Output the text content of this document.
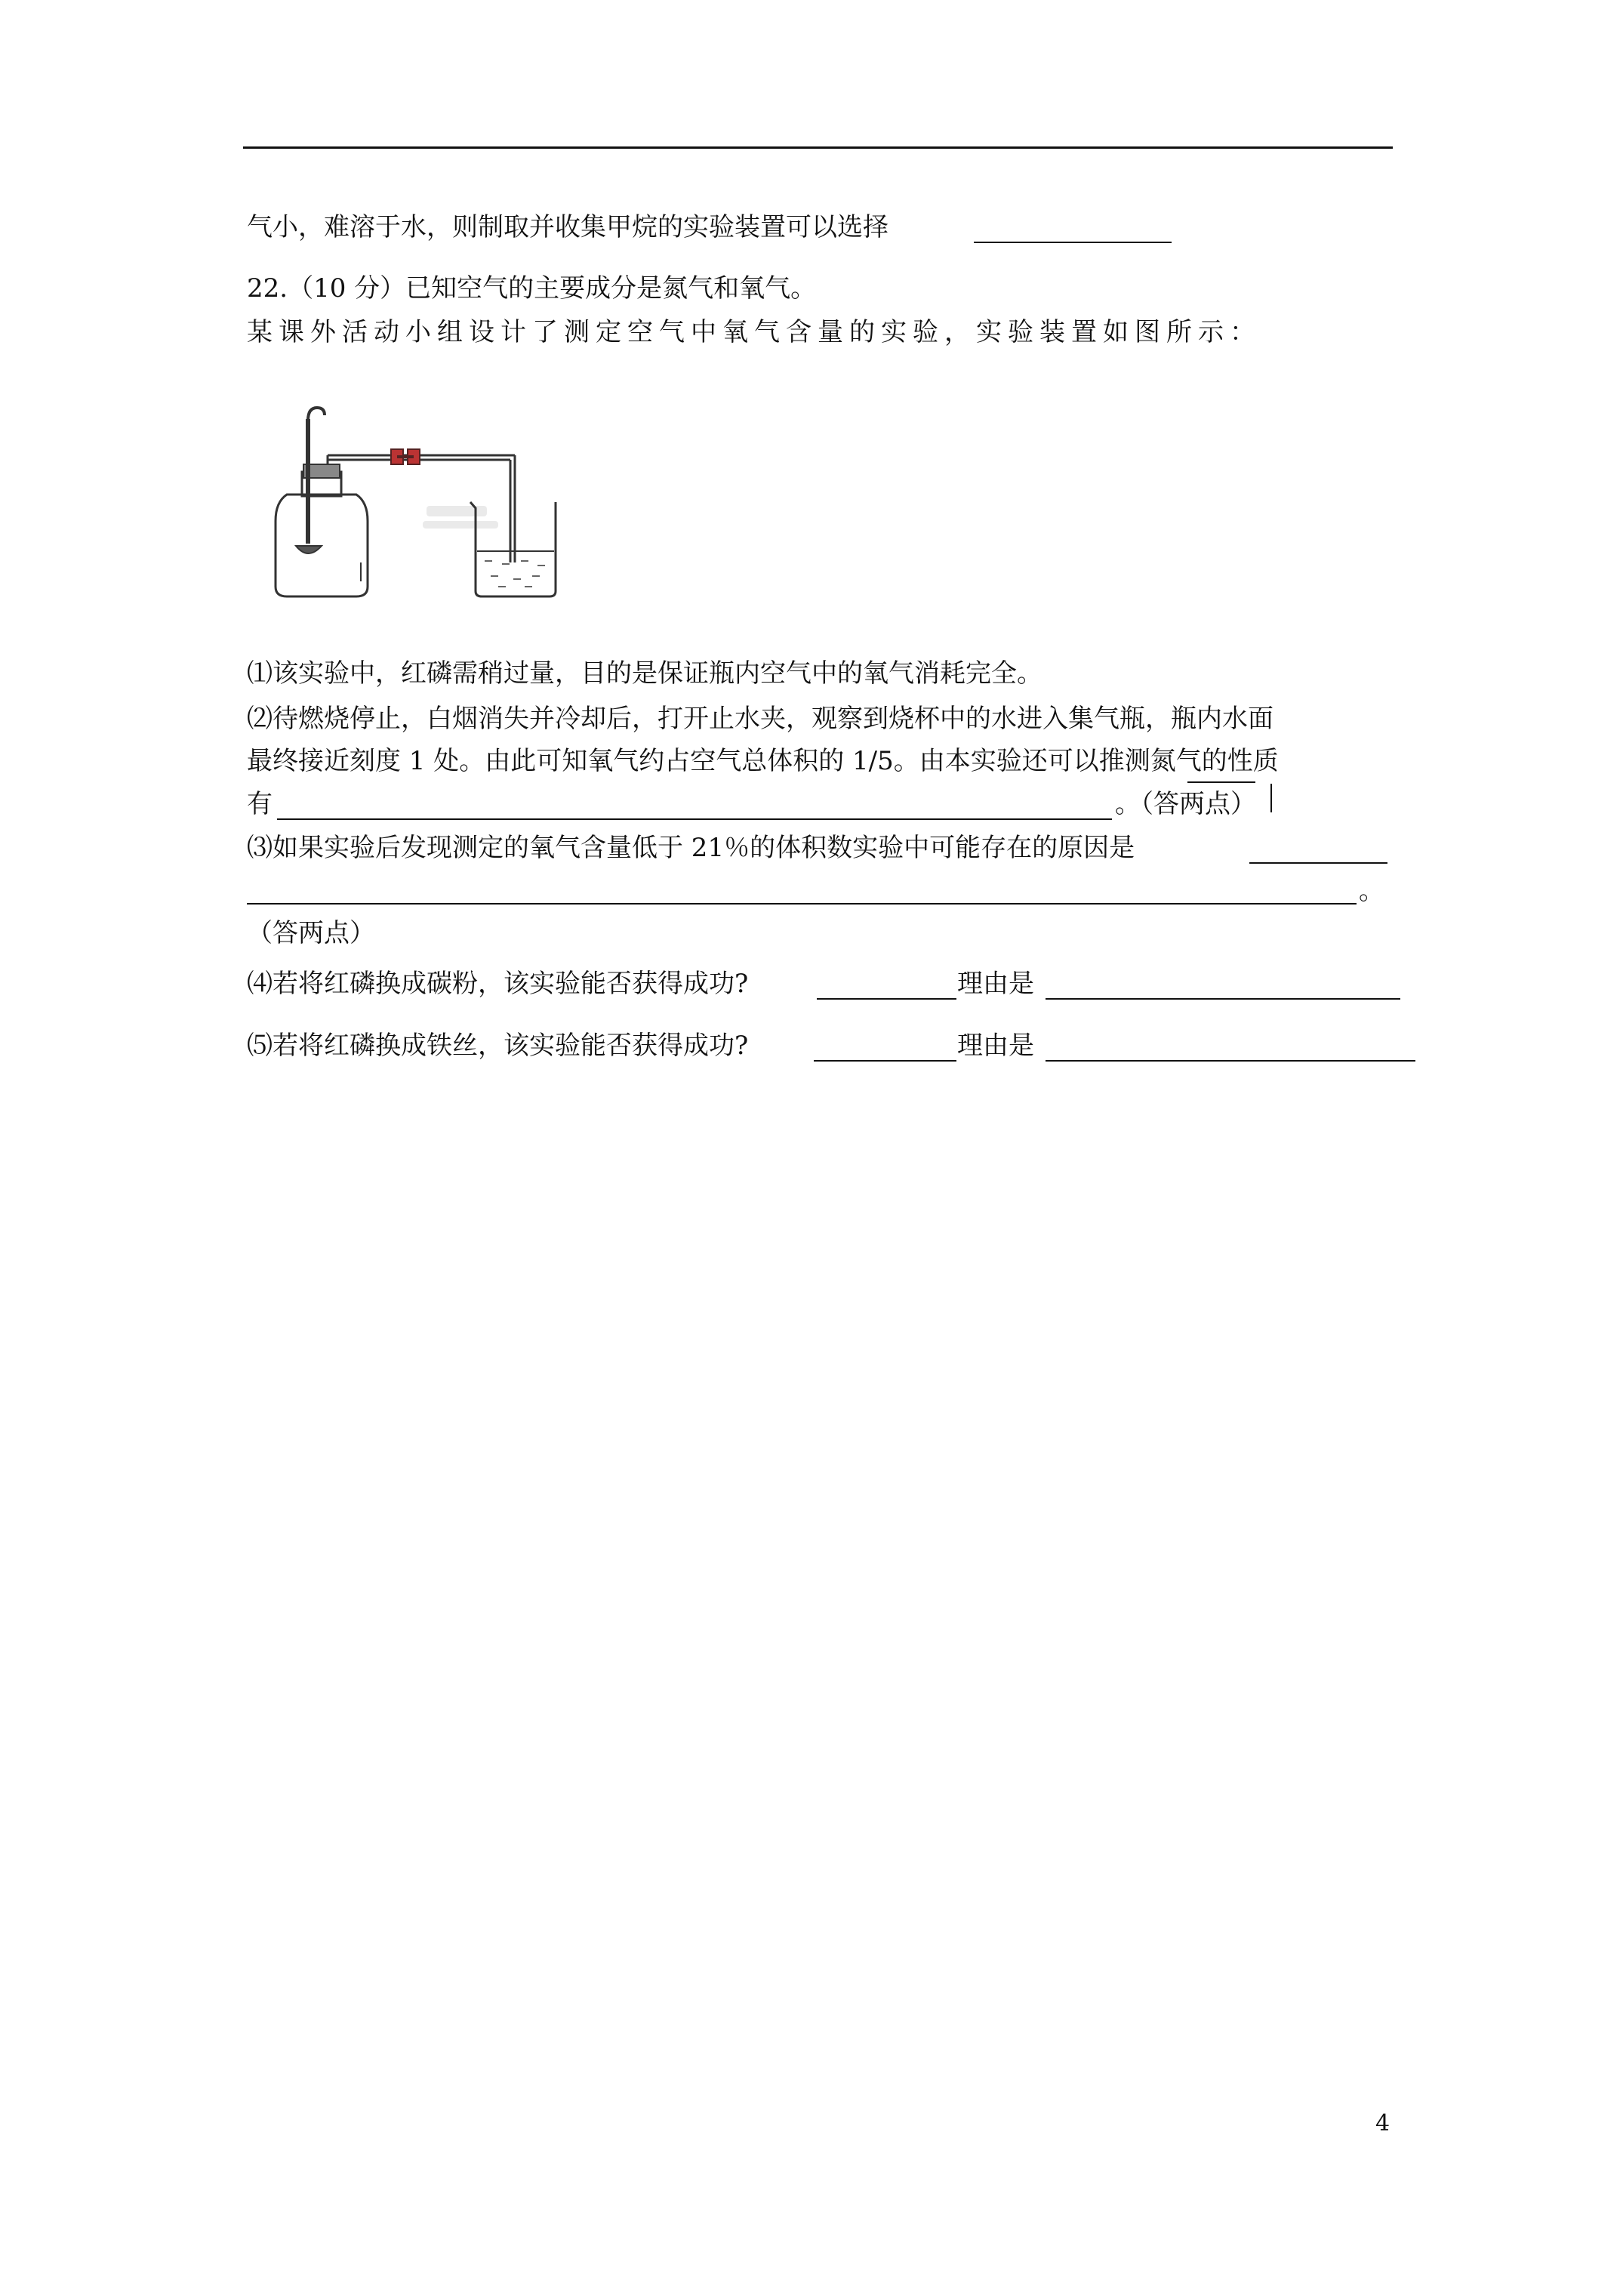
气小，难溶于水，则制取并收集甲烷的实验装置可以选择
22.（10 分）已知空气的主要成分是氮气和氧气。
某课外活动小组设计了测定空气中氧气含量的实验，实验装置如图所示：
⑴该实验中，红磷需稍过量，目的是保证瓶内空气中的氧气消耗完全。
⑵待燃烧停止，白烟消失并冷却后，打开止水夹，观察到烧杯中的水进入集气瓶，瓶内水面
最终接近刻度 1 处。由此可知氧气约占空气总体积的 1/5。由本实验还可以推测氮气的性质
有	。（答两点）
⑶如果实验后发现测定的氧气含量低于 21％的体积数实验中可能存在的原因是
。
（答两点）
⑷若将红磷换成碳粉，该实验能否获得成功?	理由是
⑸若将红磷换成铁丝，该实验能否获得成功?	理由是
4
